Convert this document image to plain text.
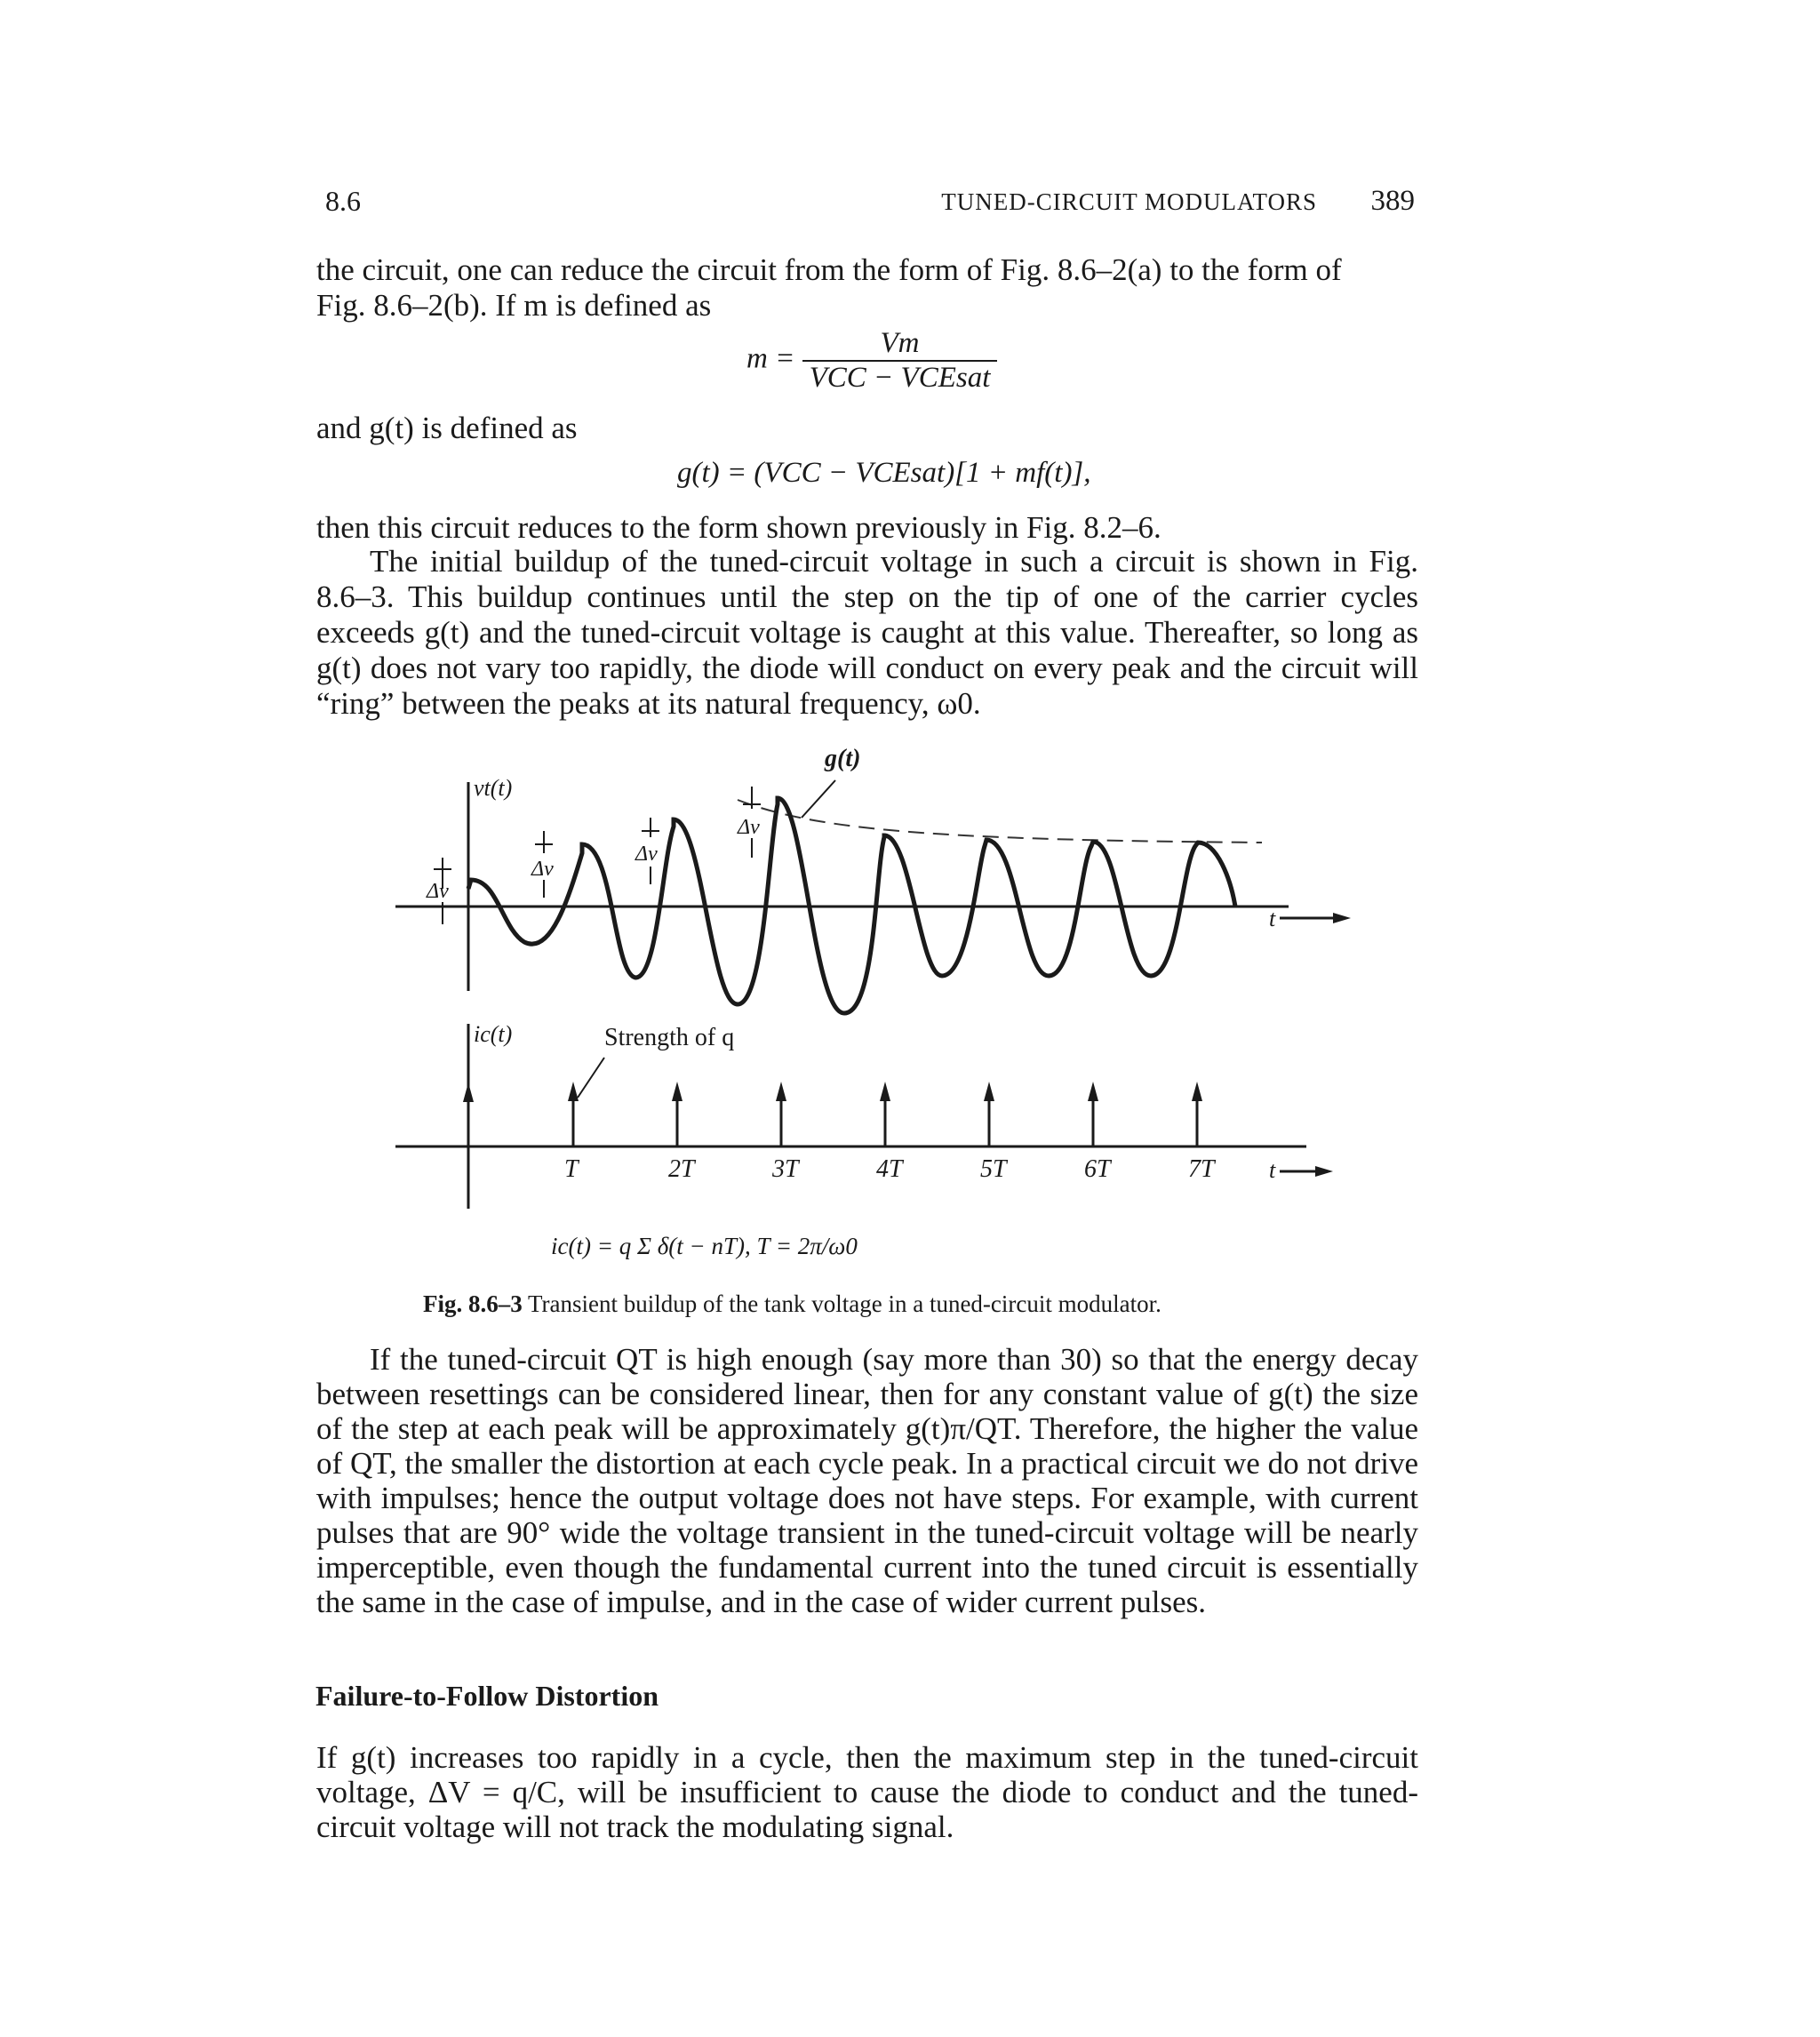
8.6	TUNED-CIRCUIT MODULATORS 389

the circuit, one can reduce the circuit from the form of Fig. 8.6–2(a) to the form of

Fig. 8.6–2(b). If m is defined as

$m = \frac{Vm}{\text{VCC − VCEsat}}$

and g(t) is defined as

g(t) = (VCC − VCEsat)[1 + mf(t)],

then this circuit reduces to the form shown previously in Fig. 8.2–6.

The initial buildup of the tuned-circuit voltage in such a circuit is shown in Fig. 8.6–3. This buildup continues until the step on the tip of one of the carrier cycles exceeds g(t) and the tuned-circuit voltage is caught at this value. Thereafter, so long as g(t) does not vary too rapidly, the diode will conduct on every peak and the circuit will “ring” between the peaks at its natural frequency, ω0.

t
vt(t)
g(t)
Δv
Δv
Δv
Δv
t
ic(t)	Strength of q
T	2T	3T	4T	5T	6T	7T
ic(t) = q Σ δ(t − nT), T = 2π/ω0
Fig. 8.6–3 Transient buildup of the tank voltage in a tuned-circuit modulator.

If the tuned-circuit QT is high enough (say more than 30) so that the energy decay between resettings can be considered linear, then for any constant value of g(t) the size of the step at each peak will be approximately g(t)π/QT. Therefore, the higher the value of QT, the smaller the distortion at each cycle peak. In a practical circuit we do not drive with impulses; hence the output voltage does not have steps. For example, with current pulses that are 90° wide the voltage transient in the tuned-circuit voltage will be nearly imperceptible, even though the fundamental current into the tuned circuit is essentially the same in the case of impulse, and in the case of wider current pulses.

Failure-to-Follow Distortion

If g(t) increases too rapidly in a cycle, then the maximum step in the tuned-circuit voltage, ΔV = q/C, will be insufficient to cause the diode to conduct and the tuned-circuit voltage will not track the modulating signal.
